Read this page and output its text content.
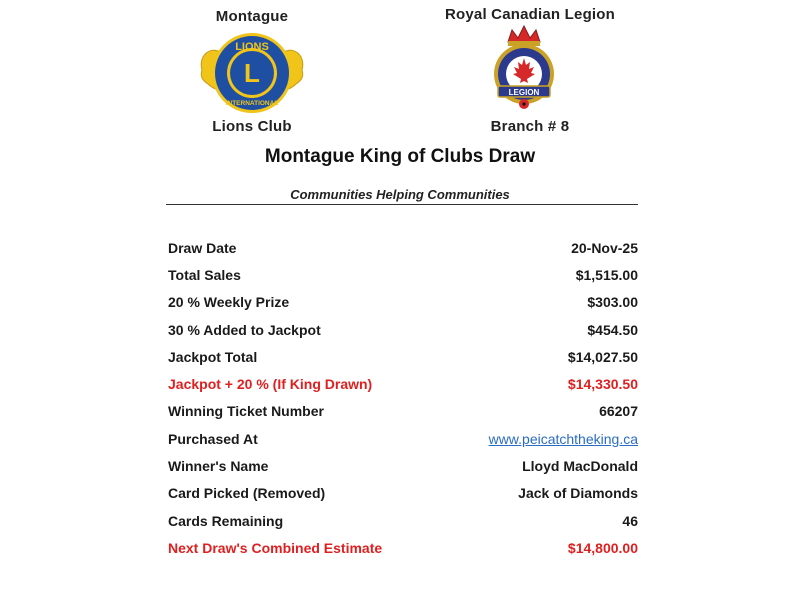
Montague
LIONS
L
INTERNATIONAL
Lions Club
Royal Canadian Legion
LEGION
Branch # 8
Montague King of Clubs Draw
Communities Helping Communities
Draw Date	20-Nov-25
Total Sales	$1,515.00
20 % Weekly Prize	$303.00
30 % Added to Jackpot	$454.50
Jackpot Total	$14,027.50
Jackpot + 20 % (If King Drawn)	$14,330.50
Winning Ticket Number	66207
Purchased At	www.peicatchtheking.ca
Winner's Name	Lloyd MacDonald
Card Picked (Removed)	Jack of Diamonds
Cards Remaining	46
Next Draw's Combined Estimate	$14,800.00
